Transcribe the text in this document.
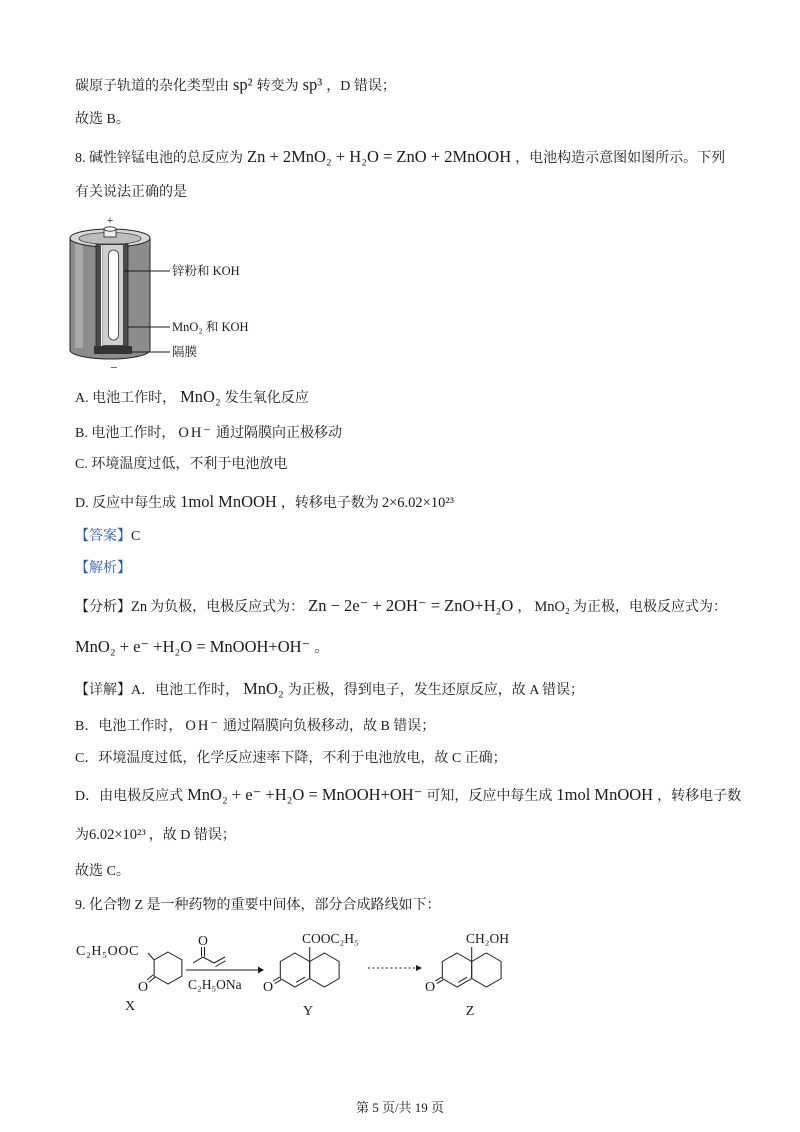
碳原子轨道的杂化类型由 sp² 转变为 sp³ ，D 错误；
故选 B。
8. 碱性锌锰电池的总反应为 Zn + 2MnO₂ + H₂O = ZnO + 2MnOOH ，电池构造示意图如图所示。下列
有关说法正确的是
+
锌粉和 KOH
MnO₂ 和 KOH
隔膜
−
A. 电池工作时， MnO₂ 发生氧化反应
B. 电池工作时， OH⁻ 通过隔膜向正极移动
C. 环境温度过低，不利于电池放电
D. 反应中每生成 1mol MnOOH ，转移电子数为 2×6.02×10²³
【答案】C
【解析】
【分析】Zn 为负极，电极反应式为： Zn − 2e⁻ + 2OH⁻ = ZnO+H₂O ， MnO₂ 为正极，电极反应式为：
MnO₂ + e⁻ +H₂O = MnOOH+OH⁻ 。
【详解】A．电池工作时， MnO₂ 为正极，得到电子，发生还原反应，故 A 错误；
B．电池工作时， OH⁻ 通过隔膜向负极移动，故 B 错误；
C．环境温度过低，化学反应速率下降，不利于电池放电，故 C 正确；
D．由电极反应式 MnO₂ + e⁻ +H₂O = MnOOH+OH⁻ 可知，反应中每生成 1mol MnOOH ，转移电子数
为6.02×10²³ ，故 D 错误；
故选 C。
9. 化合物 Z 是一种药物的重要中间体，部分合成路线如下：
C₂H₅OOC
O
X
O
C₂H₅ONa
COOC₂H₅
O
Y
CH₂OH
O
Z
第 5 页/共 19 页
